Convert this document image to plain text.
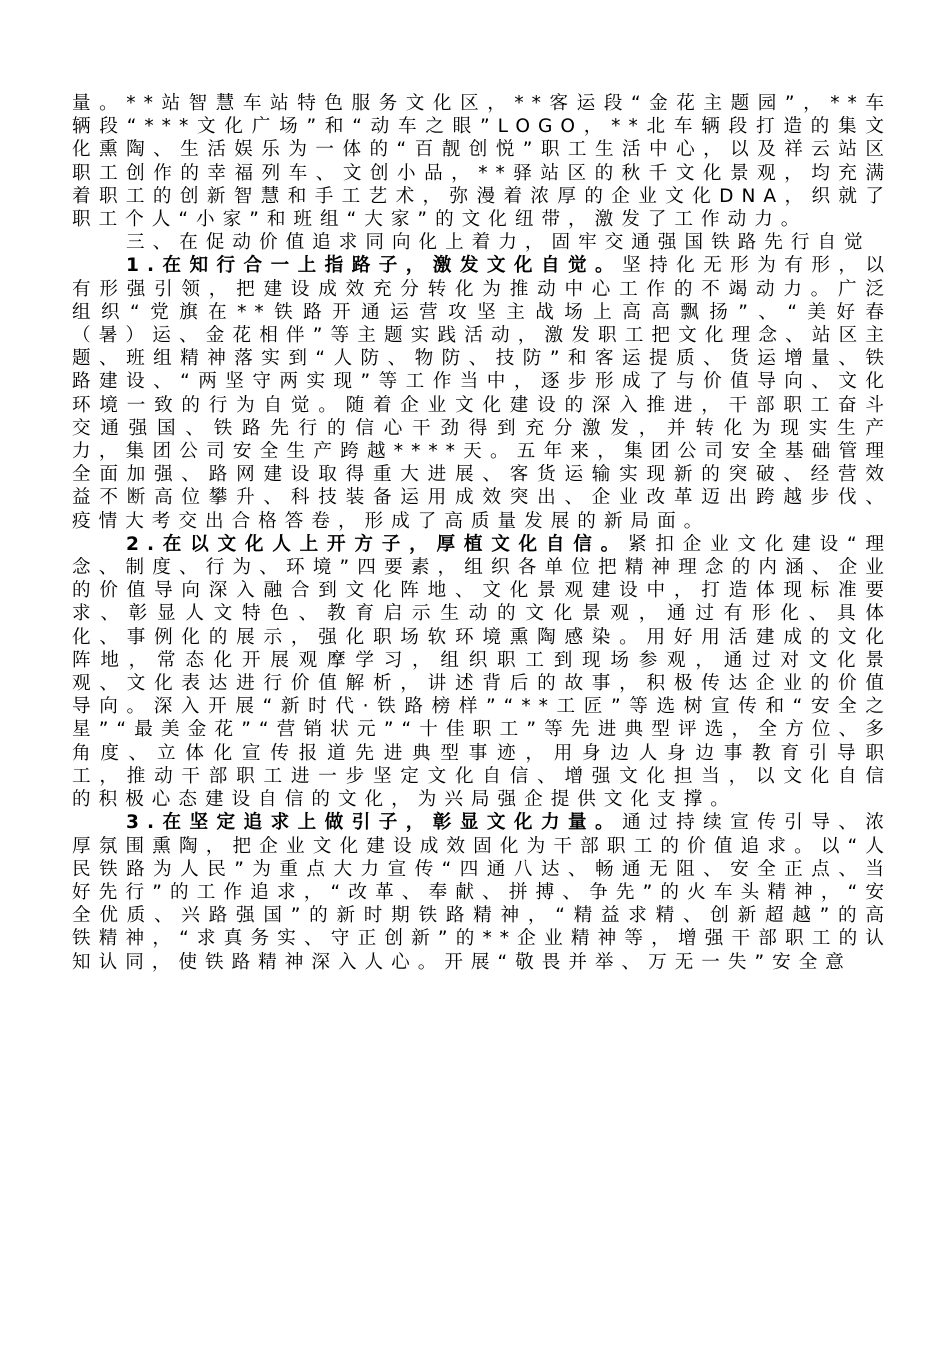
量。**站智慧车站特色服务文化区，**客运段“金花主题园”，**车辆段“***文化广场”和“动车之眼”LOGO，**北车辆段打造的集文化熏陶、生活娱乐为一体的“百靓创悦”职工生活中心，以及祥云站区职工创作的幸福列车、文创小品，**驿站区的秋千文化景观，均充满着职工的创新智慧和手工艺术，弥漫着浓厚的企业文化DNA，织就了职工个人“小家”和班组“大家”的文化纽带，激发了工作动力。

三、在促动价值追求同向化上着力，固牢交通强国铁路先行自觉

1.在知行合一上指路子，激发文化自觉。坚持化无形为有形，以有形强引领，把建设成效充分转化为推动中心工作的不竭动力。广泛组织“党旗在**铁路开通运营攻坚主战场上高高飘扬”、“美好春（暑）运、金花相伴”等主题实践活动，激发职工把文化理念、站区主题、班组精神落实到“人防、物防、技防”和客运提质、货运增量、铁路建设、“两坚守两实现”等工作当中，逐步形成了与价值导向、文化环境一致的行为自觉。随着企业文化建设的深入推进，干部职工奋斗交通强国、铁路先行的信心干劲得到充分激发，并转化为现实生产力，集团公司安全生产跨越****天。五年来，集团公司安全基础管理全面加强、路网建设取得重大进展、客货运输实现新的突破、经营效益不断高位攀升、科技装备运用成效突出、企业改革迈出跨越步伐、疫情大考交出合格答卷，形成了高质量发展的新局面。

2.在以文化人上开方子，厚植文化自信。紧扣企业文化建设“理念、制度、行为、环境”四要素，组织各单位把精神理念的内涵、企业的价值导向深入融合到文化阵地、文化景观建设中，打造体现标准要求、彰显人文特色、教育启示生动的文化景观，通过有形化、具体化、事例化的展示，强化职场软环境熏陶感染。用好用活建成的文化阵地，常态化开展观摩学习，组织职工到现场参观，通过对文化景观、文化表达进行价值解析，讲述背后的故事，积极传达企业的价值导向。深入开展“新时代·铁路榜样”“**工匠”等选树宣传和“安全之星”“最美金花”“营销状元”“十佳职工”等先进典型评选，全方位、多角度、立体化宣传报道先进典型事迹，用身边人身边事教育引导职工，推动干部职工进一步坚定文化自信、增强文化担当，以文化自信的积极心态建设自信的文化，为兴局强企提供文化支撑。

3.在坚定追求上做引子，彰显文化力量。通过持续宣传引导、浓厚氛围熏陶，把企业文化建设成效固化为干部职工的价值追求。以“人民铁路为人民”为重点大力宣传“四通八达、畅通无阻、安全正点、当好先行”的工作追求，“改革、奉献、拼搏、争先”的火车头精神，“安全优质、兴路强国”的新时期铁路精神，“精益求精、创新超越”的高铁精神，“求真务实、守正创新”的**企业精神等，增强干部职工的认知认同，使铁路精神深入人心。开展“敬畏并举、万无一失”安全意
